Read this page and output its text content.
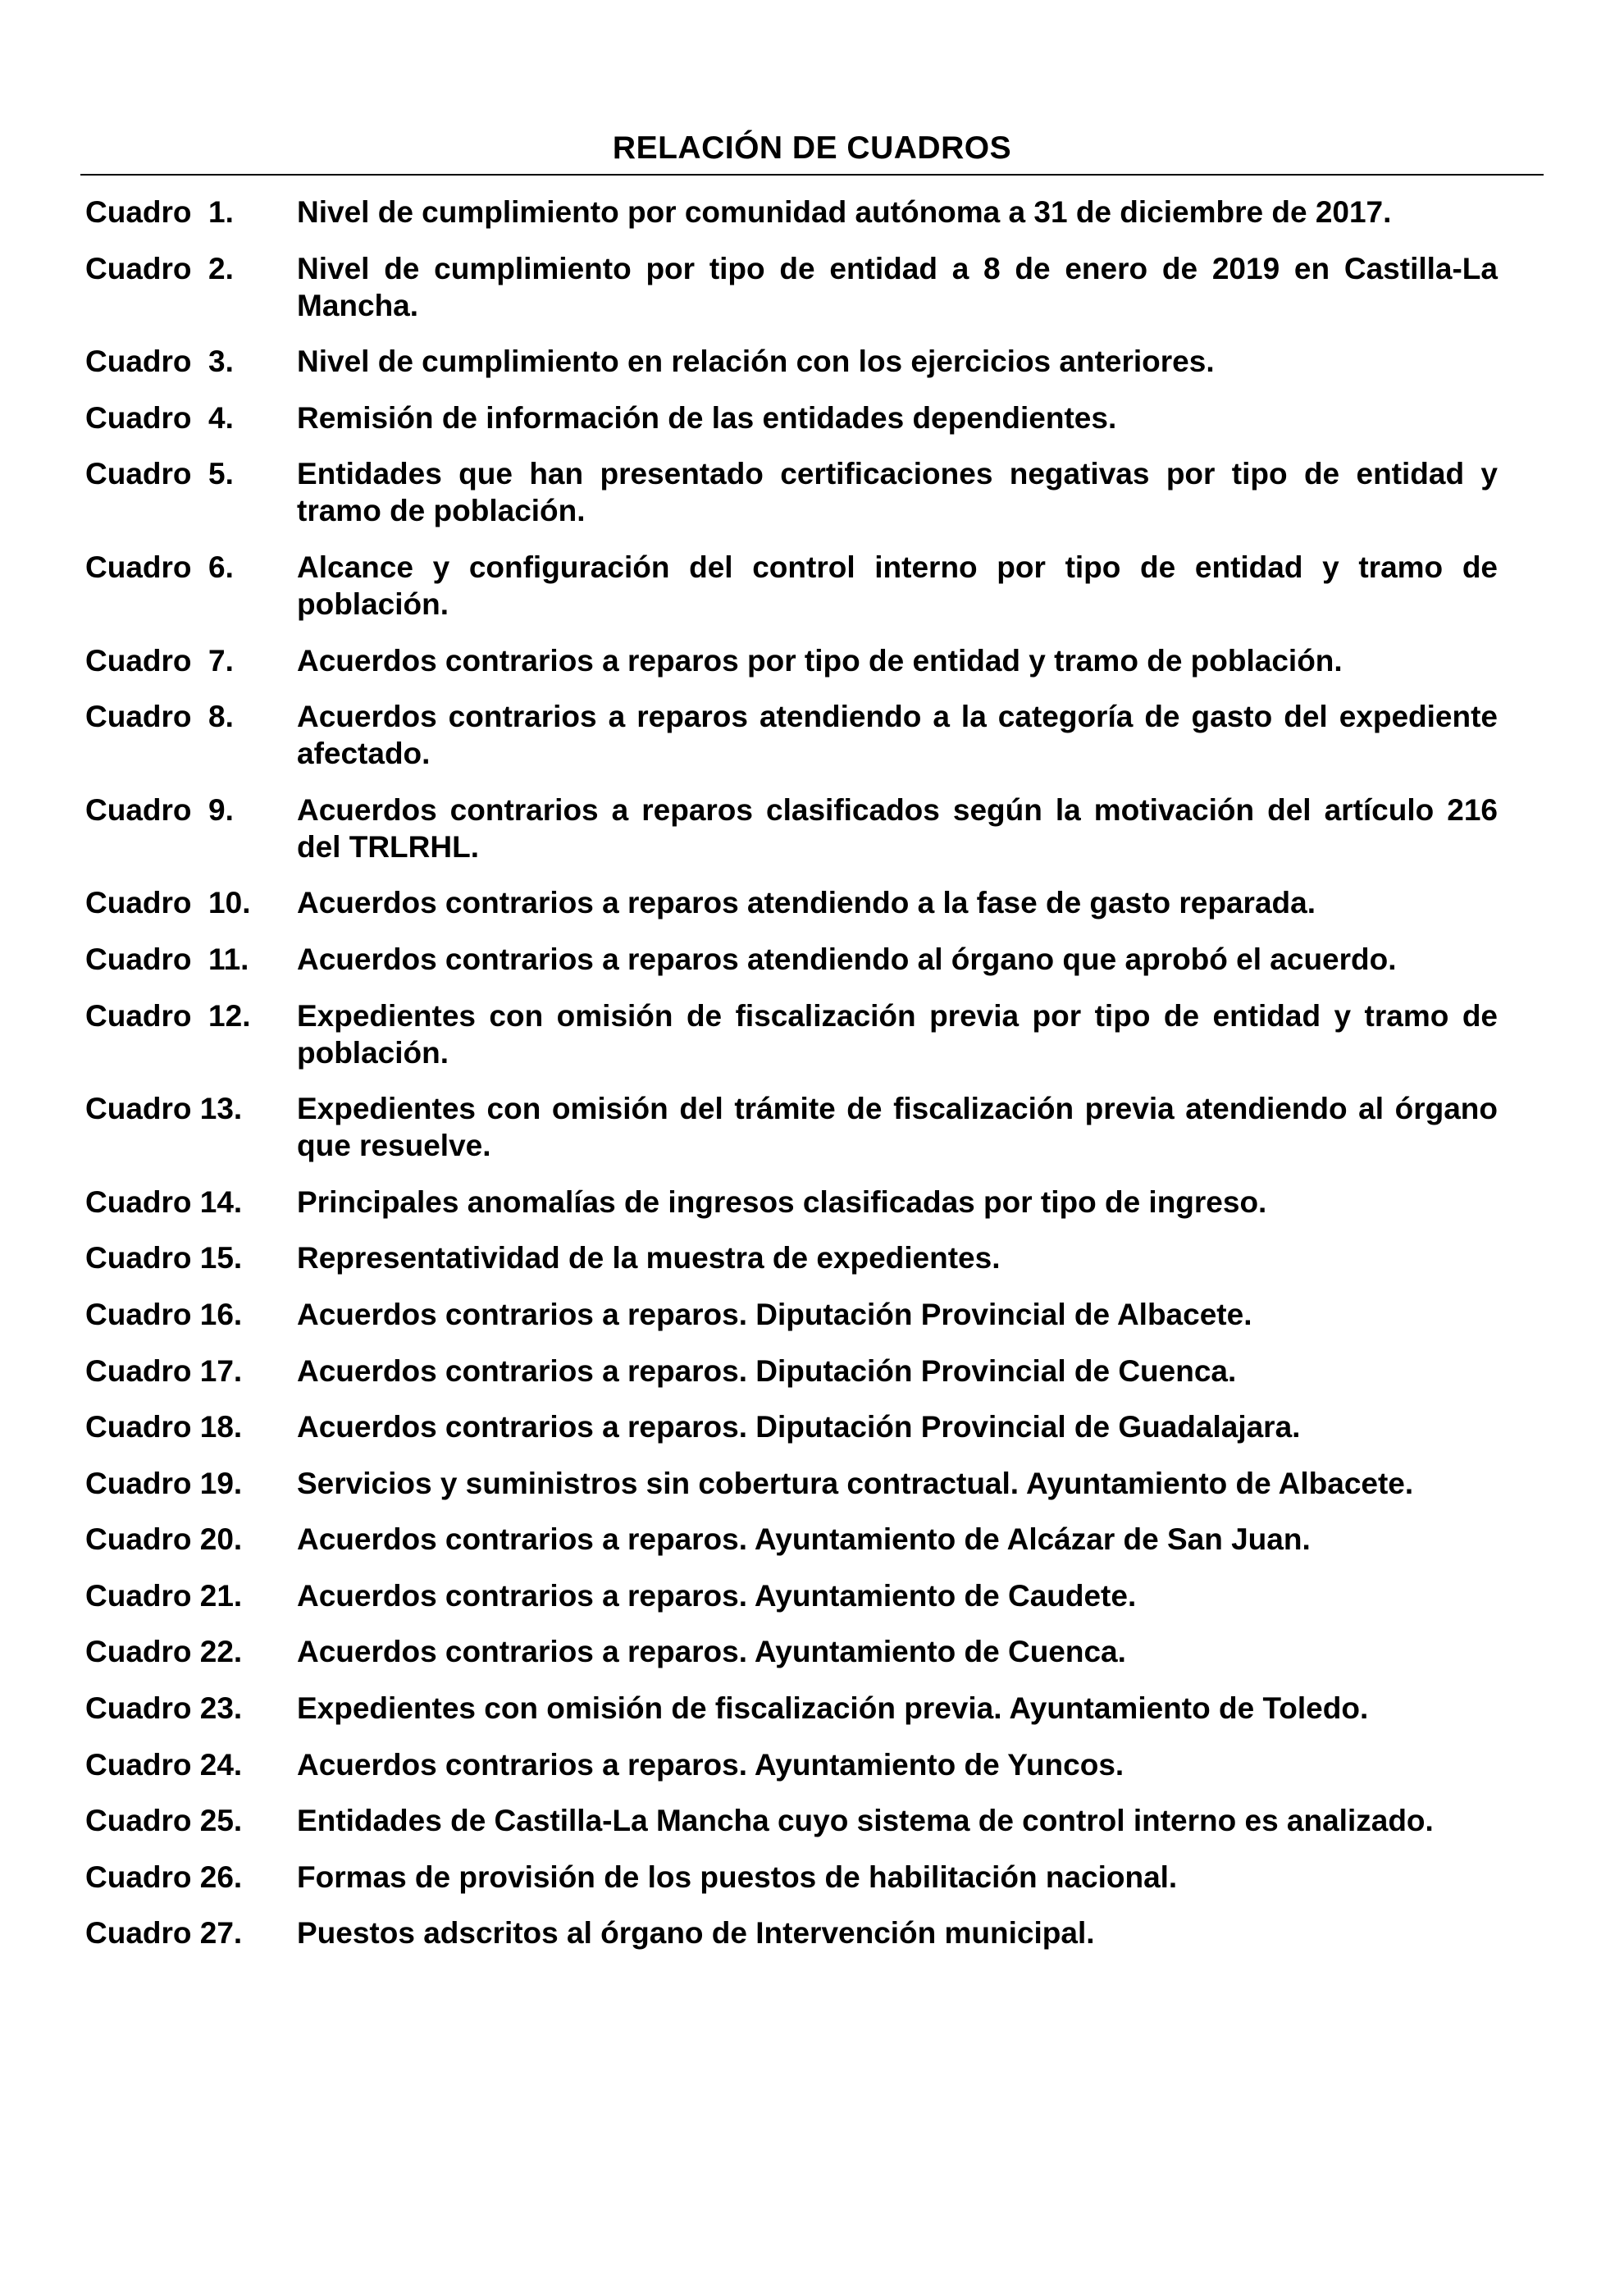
RELACIÓN DE CUADROS
Cuadro  1.	Nivel de cumplimiento por comunidad autónoma a 31 de diciembre de 2017.
Cuadro  2.	Nivel de cumplimiento por tipo de entidad a 8 de enero de 2019 en Castilla-La Mancha.
Cuadro  3.	Nivel de cumplimiento en relación con los ejercicios anteriores.
Cuadro  4.	Remisión de información de las entidades dependientes.
Cuadro  5.	Entidades que han presentado certificaciones negativas por tipo de entidad y tramo de población.
Cuadro  6.	Alcance y configuración del control interno por tipo de entidad y tramo de población.
Cuadro  7.	Acuerdos contrarios a reparos por tipo de entidad y tramo de población.
Cuadro  8.	Acuerdos contrarios a reparos atendiendo a la categoría de gasto del expediente afectado.
Cuadro  9.	Acuerdos contrarios a reparos clasificados según la motivación del artículo 216 del TRLRHL.
Cuadro  10.	Acuerdos contrarios a reparos atendiendo a la fase de gasto reparada.
Cuadro  11.	Acuerdos contrarios a reparos atendiendo al órgano que aprobó el acuerdo.
Cuadro  12.	Expedientes con omisión de fiscalización previa por tipo de entidad y tramo de población.
Cuadro 13.	Expedientes con omisión del trámite de fiscalización previa atendiendo al órgano que resuelve.
Cuadro 14.	Principales anomalías de ingresos clasificadas por tipo de ingreso.
Cuadro 15.	Representatividad de la muestra de expedientes.
Cuadro 16.	Acuerdos contrarios a reparos. Diputación Provincial de Albacete.
Cuadro 17.	Acuerdos contrarios a reparos. Diputación Provincial de Cuenca.
Cuadro 18.	Acuerdos contrarios a reparos. Diputación Provincial de Guadalajara.
Cuadro 19.	Servicios y suministros sin cobertura contractual. Ayuntamiento de Albacete.
Cuadro 20.	Acuerdos contrarios a reparos. Ayuntamiento de Alcázar de San Juan.
Cuadro 21.	Acuerdos contrarios a reparos. Ayuntamiento de Caudete.
Cuadro 22.	Acuerdos contrarios a reparos. Ayuntamiento de Cuenca.
Cuadro 23.	Expedientes con omisión de fiscalización previa. Ayuntamiento de Toledo.
Cuadro 24.	Acuerdos contrarios a reparos. Ayuntamiento de Yuncos.
Cuadro 25.	Entidades de Castilla-La Mancha cuyo sistema de control interno es analizado.
Cuadro 26.	Formas de provisión de los puestos de habilitación nacional.
Cuadro 27.	Puestos adscritos al órgano de Intervención municipal.
